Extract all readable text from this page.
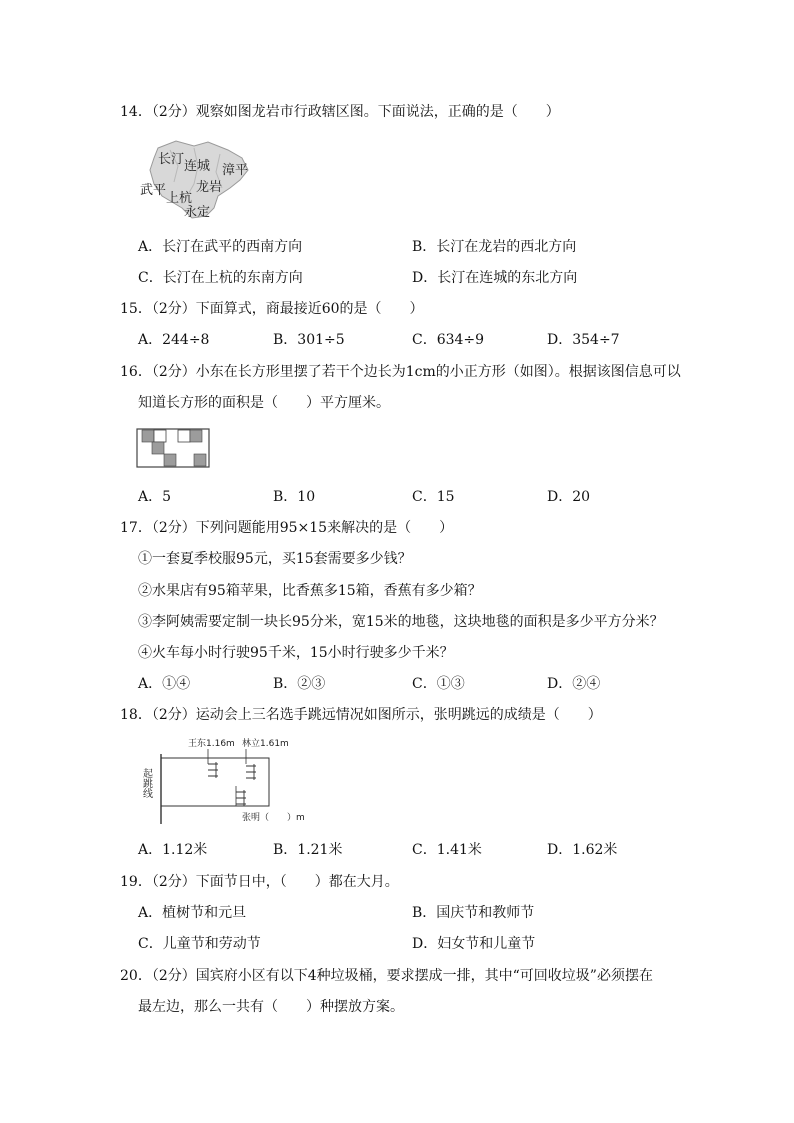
14．（2分）观察如图龙岩市行政辖区图。下面说法，正确的是（　　）
长汀 连城 漳平
武平 龙岩
上杭
永定
A．长汀在武平的西南方向	B．长汀在龙岩的西北方向
C．长汀在上杭的东南方向	D．长汀在连城的东北方向
15．（2分）下面算式，商最接近60的是（　　）
A．244÷8	B．301÷5	C．634÷9	D．354÷7
16．（2分）小东在长方形里摆了若干个边长为1cm的小正方形（如图）。根据该图信息可以
知道长方形的面积是（　　）平方厘米。
A．5	B．10	C．15	D．20
17．（2分）下列问题能用95×15来解决的是（　　）
①一套夏季校服95元，买15套需要多少钱？
②水果店有95箱苹果，比香蕉多15箱，香蕉有多少箱？
③李阿姨需要定制一块长95分米，宽15米的地毯，这块地毯的面积是多少平方分米？
④火车每小时行驶95千米，15小时行驶多少千米？
A．①④	B．②③	C．①③	D．②④
18．（2分）运动会上三名选手跳远情况如图所示，张明跳远的成绩是（　　）
王东1.16m 林立1.61m
起跳线
张明（　　）m
A．1.12米	B．1.21米	C．1.41米	D．1.62米
19．（2分）下面节日中，（　　）都在大月。
A．植树节和元旦	B．国庆节和教师节
C．儿童节和劳动节	D．妇女节和儿童节
20．（2分）国宾府小区有以下4种垃圾桶，要求摆成一排，其中“可回收垃圾”必须摆在
最左边，那么一共有（　　）种摆放方案。
